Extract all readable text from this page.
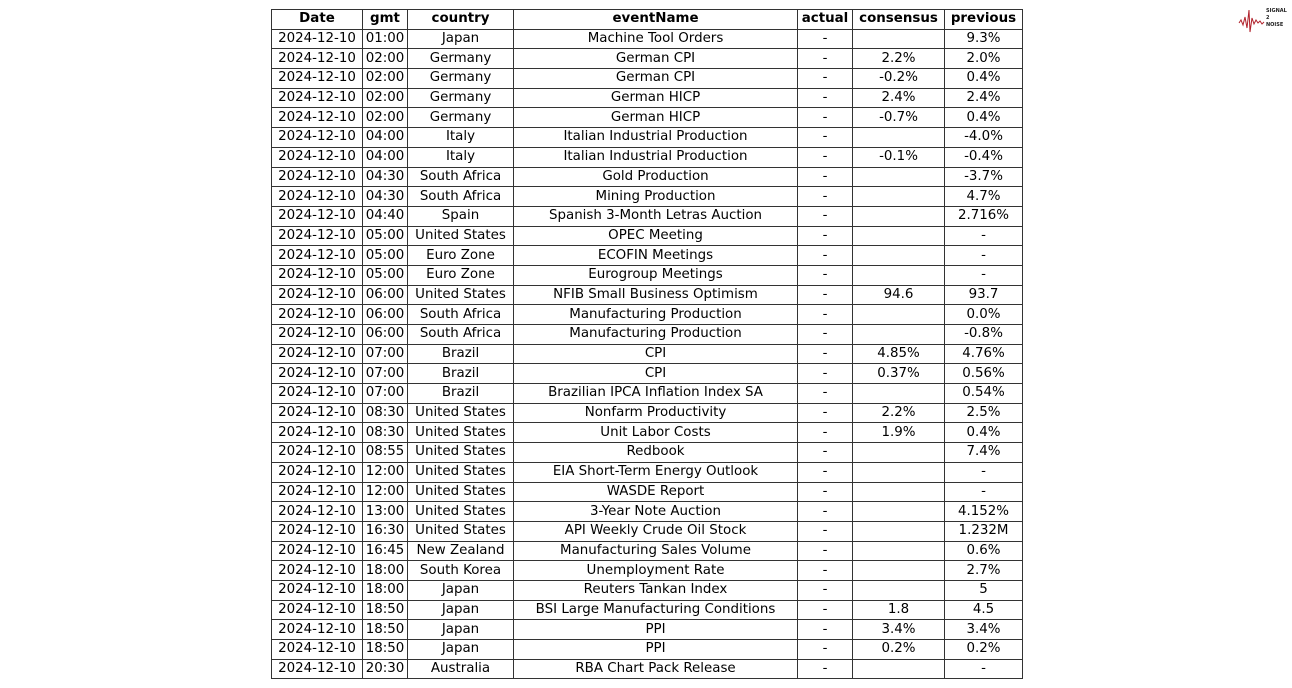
SIGNAL
2
NOISE
Date	gmt	country	eventName	actual	consensus	previous
2024-12-10	01:00	Japan	Machine Tool Orders	-		9.3%
2024-12-10	02:00	Germany	German CPI	-	2.2%	2.0%
2024-12-10	02:00	Germany	German CPI	-	-0.2%	0.4%
2024-12-10	02:00	Germany	German HICP	-	2.4%	2.4%
2024-12-10	02:00	Germany	German HICP	-	-0.7%	0.4%
2024-12-10	04:00	Italy	Italian Industrial Production	-		-4.0%
2024-12-10	04:00	Italy	Italian Industrial Production	-	-0.1%	-0.4%
2024-12-10	04:30	South Africa	Gold Production	-		-3.7%
2024-12-10	04:30	South Africa	Mining Production	-		4.7%
2024-12-10	04:40	Spain	Spanish 3-Month Letras Auction	-		2.716%
2024-12-10	05:00	United States	OPEC Meeting	-		-
2024-12-10	05:00	Euro Zone	ECOFIN Meetings	-		-
2024-12-10	05:00	Euro Zone	Eurogroup Meetings	-		-
2024-12-10	06:00	United States	NFIB Small Business Optimism	-	94.6	93.7
2024-12-10	06:00	South Africa	Manufacturing Production	-		0.0%
2024-12-10	06:00	South Africa	Manufacturing Production	-		-0.8%
2024-12-10	07:00	Brazil	CPI	-	4.85%	4.76%
2024-12-10	07:00	Brazil	CPI	-	0.37%	0.56%
2024-12-10	07:00	Brazil	Brazilian IPCA Inflation Index SA	-		0.54%
2024-12-10	08:30	United States	Nonfarm Productivity	-	2.2%	2.5%
2024-12-10	08:30	United States	Unit Labor Costs	-	1.9%	0.4%
2024-12-10	08:55	United States	Redbook	-		7.4%
2024-12-10	12:00	United States	EIA Short-Term Energy Outlook	-		-
2024-12-10	12:00	United States	WASDE Report	-		-
2024-12-10	13:00	United States	3-Year Note Auction	-		4.152%
2024-12-10	16:30	United States	API Weekly Crude Oil Stock	-		1.232M
2024-12-10	16:45	New Zealand	Manufacturing Sales Volume	-		0.6%
2024-12-10	18:00	South Korea	Unemployment Rate	-		2.7%
2024-12-10	18:00	Japan	Reuters Tankan Index	-		5
2024-12-10	18:50	Japan	BSI Large Manufacturing Conditions	-	1.8	4.5
2024-12-10	18:50	Japan	PPI	-	3.4%	3.4%
2024-12-10	18:50	Japan	PPI	-	0.2%	0.2%
2024-12-10	20:30	Australia	RBA Chart Pack Release	-		-
